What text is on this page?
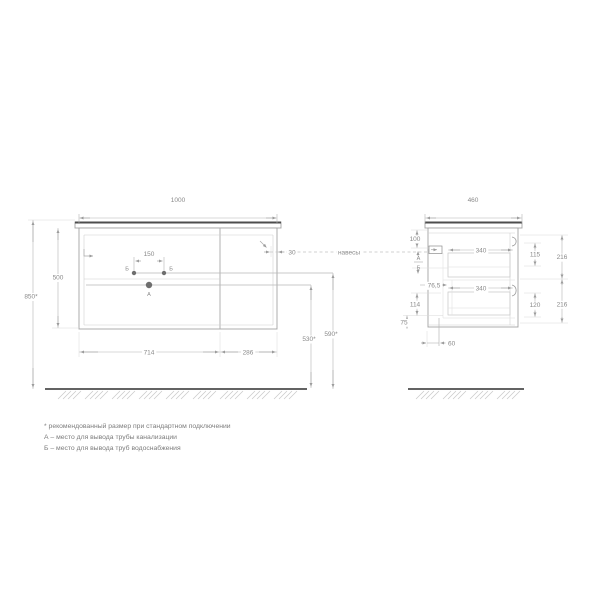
1000
500
850*
714	286
150	30
530*
590*
Б	Б
А
навесы
А
Б
460
100
340
76,5	340
114
75
60
115	216
120 216
* рекомендованный размер при стандартном подключении
А – место для вывода трубы канализации
Б – место для вывода труб водоснабжения
